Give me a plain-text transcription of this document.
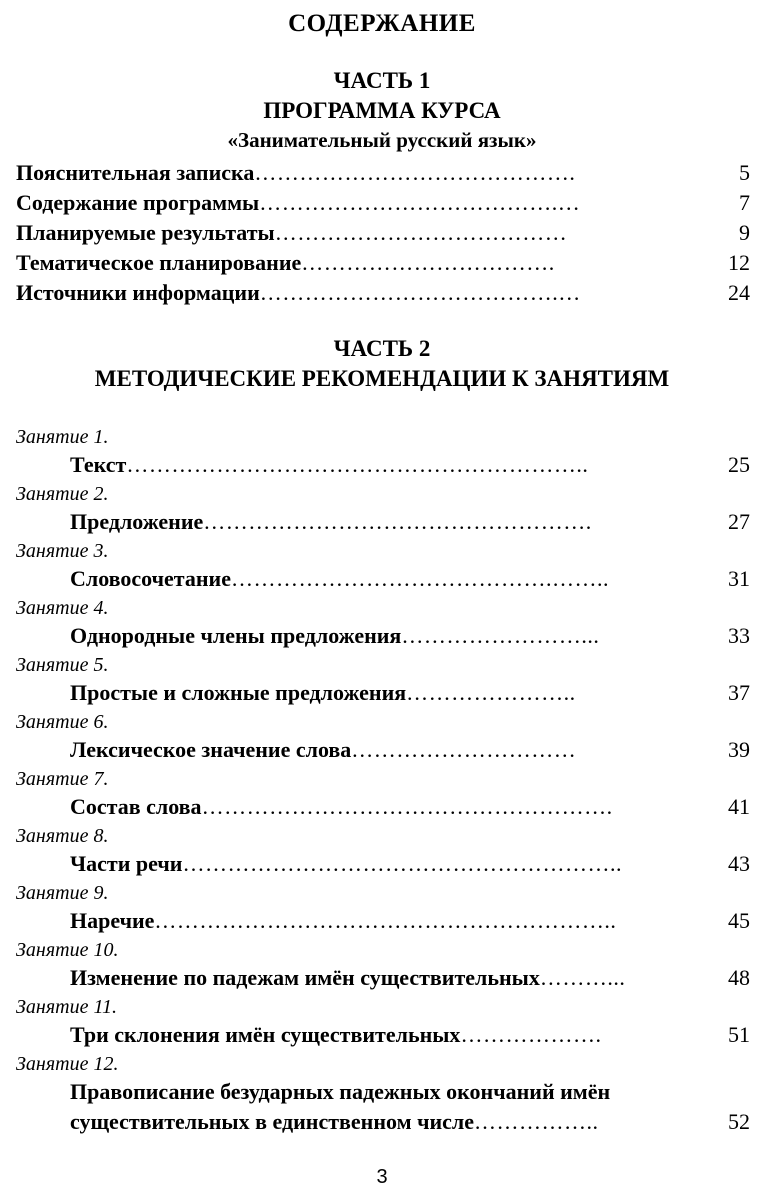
СОДЕРЖАНИЕ
ЧАСТЬ 1
ПРОГРАММА КУРСА
«Занимательный русский язык»
Пояснительная записка…………………………………….	5
Содержание программы………………………………….…	7
Планируемые результаты…………………………………	9
Тематическое планирование…………………………….	12
Источники информации………………………………….…	24
ЧАСТЬ 2
МЕТОДИЧЕСКИЕ РЕКОМЕНДАЦИИ К ЗАНЯТИЯМ
Занятие 1.
Текст……………………………………………………..	25
Занятие 2.
Предложение…………………………………………….	27
Занятие 3.
Словосочетание…………………………………….……..	31
Занятие 4.
Однородные члены предложения……………………...	33
Занятие 5.
Простые и сложные предложения…………………..	37
Занятие 6.
Лексическое значение слова…………………………	39
Занятие 7.
Состав слова……………………………………………….	41
Занятие 8.
Части речи…………………………………………………..	43
Занятие 9.
Наречие……………………………………………………..	45
Занятие 10.
Изменение по падежам имён существительных………...	48
Занятие 11.
Три склонения имён существительных……………….	51
Занятие 12.
Правописание безударных падежных окончаний имён
существительных в единственном числе……………..	52
3
